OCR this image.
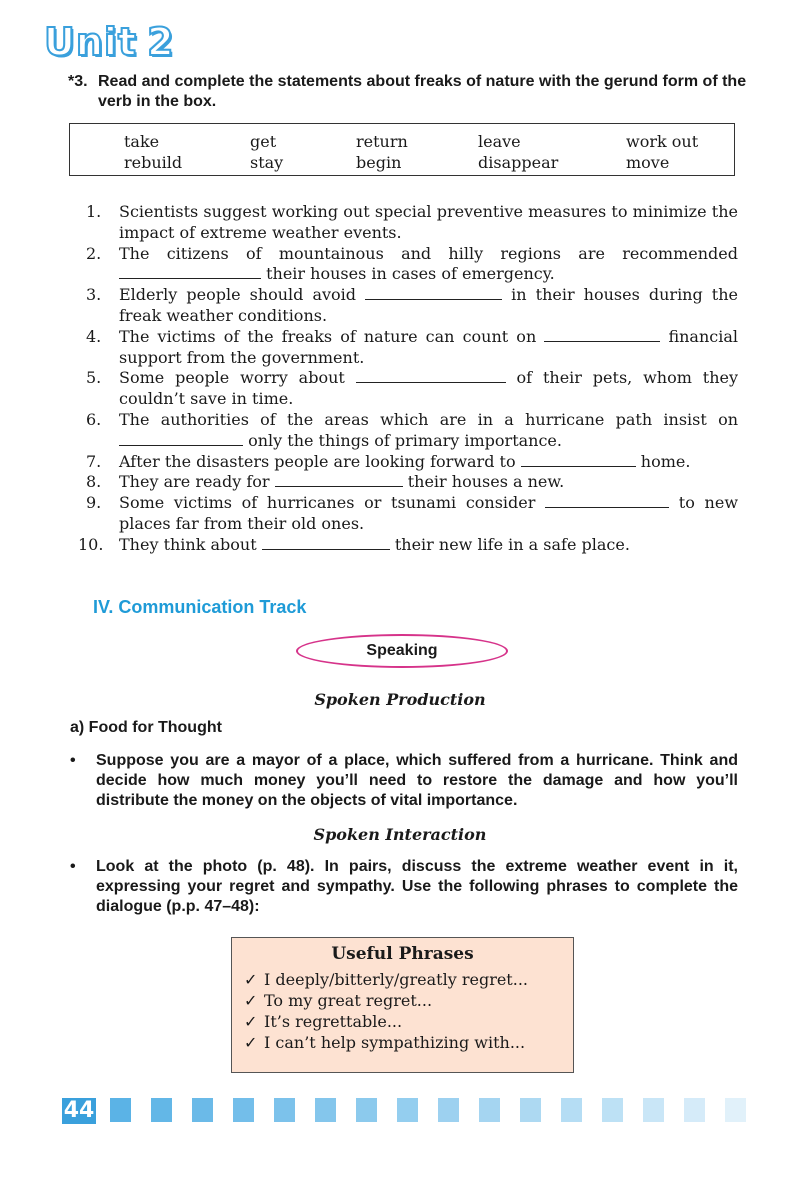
Unit 2
*3. Read and complete the statements about freaks of nature with the gerund form of the verb in the box.
take	get	return	leave	work out
rebuild	stay	begin	disappear	move
1.	Scientists suggest working out special preventive measures to minimize the impact of extreme weather events.
2.	The citizens of mountainous and hilly regions are recommended
their houses in cases of emergency.
3.	Elderly people should avoid	in their houses during the freak weather conditions.
4.	The victims of the freaks of nature can count on	financial support from the government.
5.	Some people worry about	of their pets, whom they couldn’t save in time.
6.	The authorities of the areas which are in a hurricane path insist on
only the things of primary importance.
7.	After the disasters people are looking forward to	home.
8.	They are ready for	their houses a new.
9.	Some victims of hurricanes or tsunami consider	to new places far from their old ones.
10. They think about	their new life in a safe place.
IV. Communication Track
Speaking
Spoken Production
a) Food for Thought
• Suppose you are a mayor of a place, which suffered from a hurricane. Think and decide how much money you’ll need to restore the damage and how you’ll distribute the money on the objects of vital importance.
Spoken Interaction
• Look at the photo (p. 48). In pairs, discuss the extreme weather event in it, expressing your regret and sympathy. Use the following phrases to complete the dialogue (p.p. 47–48):
Useful Phrases
✓ I deeply/bitterly/greatly regret...
✓ To my great regret...
✓ It’s regrettable...
✓ I can’t help sympathizing with...
44
